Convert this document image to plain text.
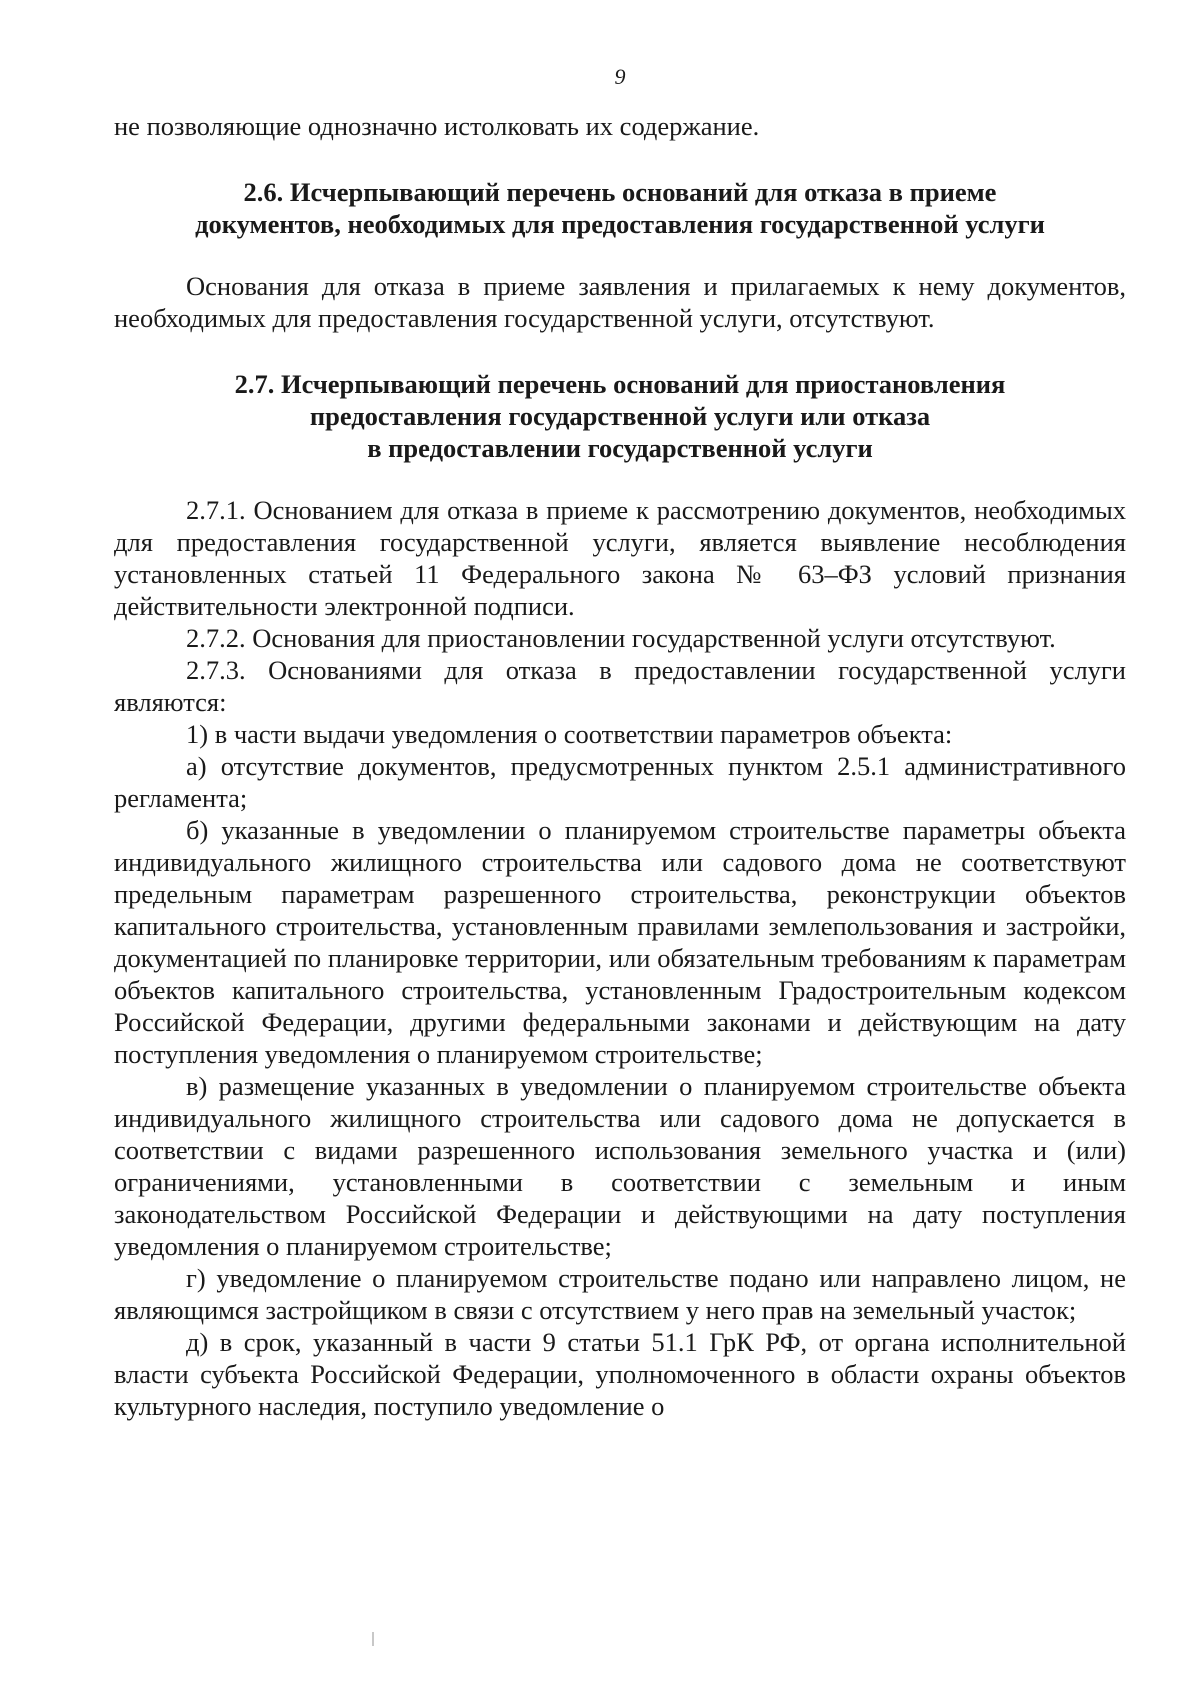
9

не позволяющие однозначно истолковать их содержание.

2.6. Исчерпывающий перечень оснований для отказа в приеме
документов, необходимых для предоставления государственной услуги

Основания для отказа в приеме заявления и прилагаемых к нему документов, необходимых для предоставления государственной услуги, отсутствуют.

2.7. Исчерпывающий перечень оснований для приостановления
предоставления государственной услуги или отказа
в предоставлении государственной услуги

2.7.1. Основанием для отказа в приеме к рассмотрению документов, необходимых для предоставления государственной услуги, является выявление несоблюдения установленных статьей 11 Федерального закона № 63–ФЗ условий признания действительности электронной подписи.

2.7.2. Основания для приостановлении государственной услуги отсутствуют.

2.7.3. Основаниями для отказа в предоставлении государственной услуги являются:

1) в части выдачи уведомления о соответствии параметров объекта:

а) отсутствие документов, предусмотренных пунктом 2.5.1 административного регламента;

б) указанные в уведомлении о планируемом строительстве параметры объекта индивидуального жилищного строительства или садового дома не соответствуют предельным параметрам разрешенного строительства, реконструкции объектов капитального строительства, установленным правилами землепользования и застройки, документацией по планировке территории, или обязательным требованиям к параметрам объектов капитального строительства, установленным Градостроительным кодексом Российской Федерации, другими федеральными законами и действующим на дату поступления уведомления о планируемом строительстве;

в) размещение указанных в уведомлении о планируемом строительстве объекта индивидуального жилищного строительства или садового дома не допускается в соответствии с видами разрешенного использования земельного участка и (или) ограничениями, установленными в соответствии с земельным и иным законодательством Российской Федерации и действующими на дату поступления уведомления о планируемом строительстве;

г) уведомление о планируемом строительстве подано или направлено лицом, не являющимся застройщиком в связи с отсутствием у него прав на земельный участок;

д) в срок, указанный в части 9 статьи 51.1 ГрК РФ, от органа исполнительной власти субъекта Российской Федерации, уполномоченного в области охраны объектов культурного наследия, поступило уведомление о
